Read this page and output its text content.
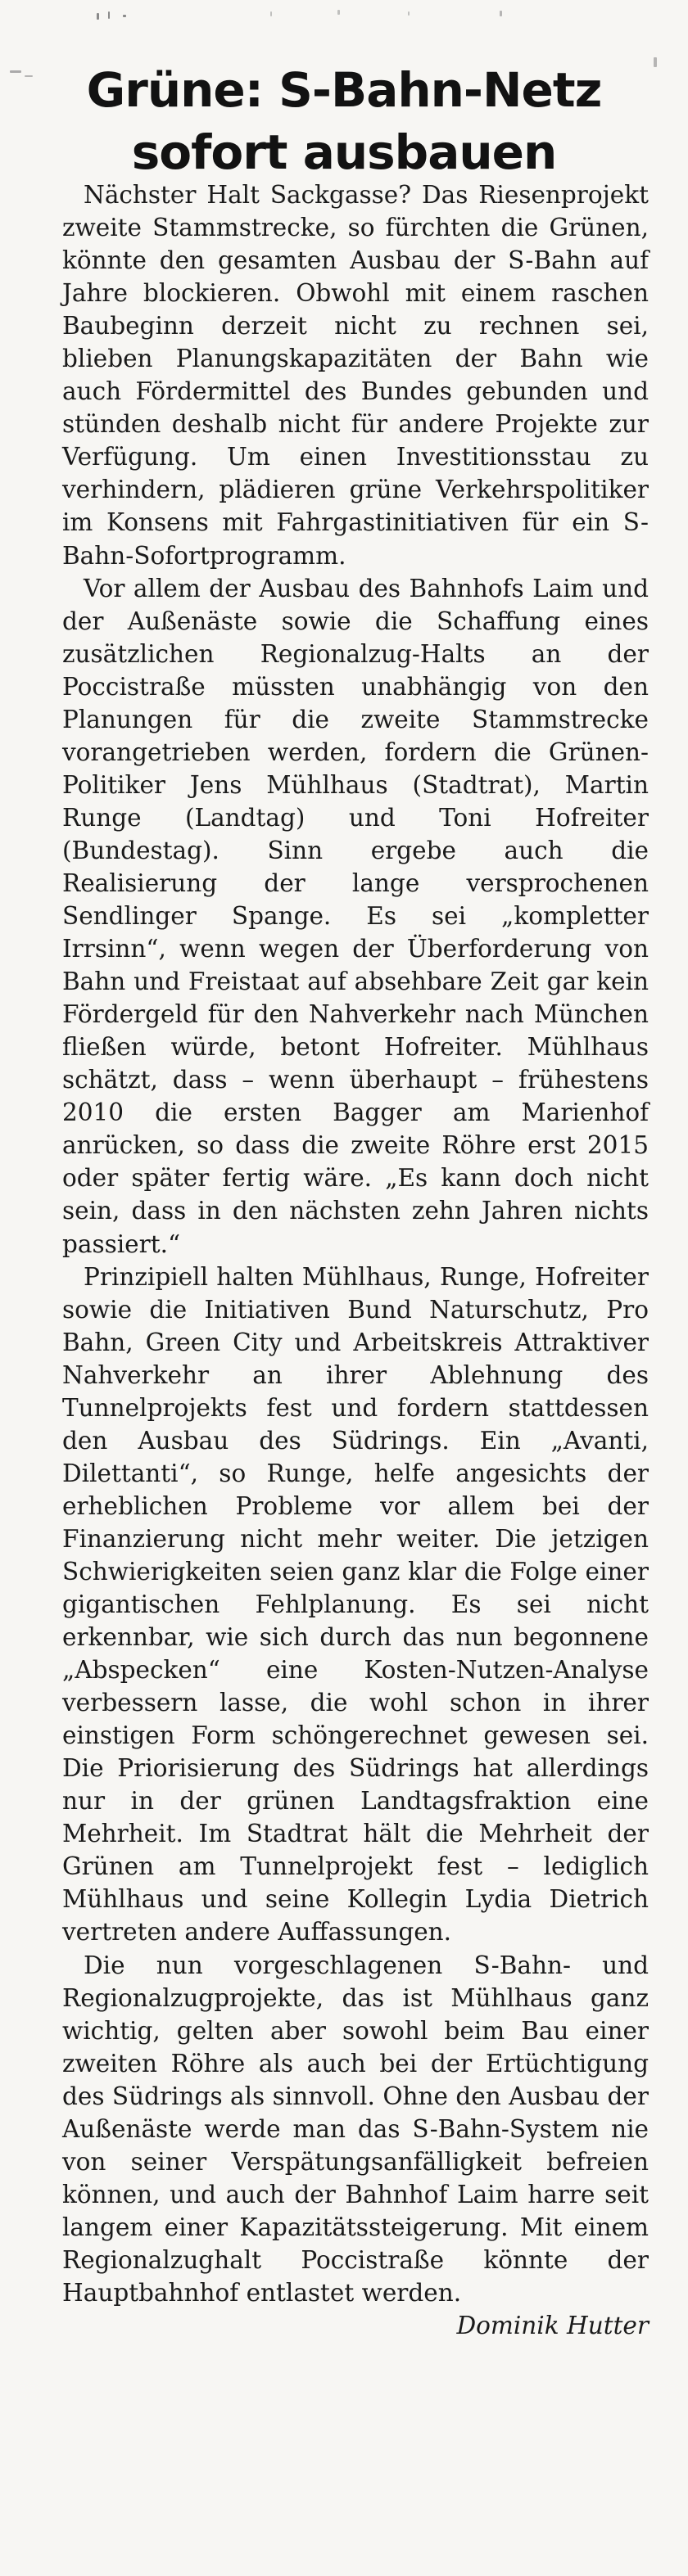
Grüne: S-Bahn-Netz
sofort ausbauen

Nächster Halt Sackgasse? Das Riesenprojekt zweite Stammstrecke, so fürchten die Grünen, könnte den gesamten Ausbau der S-Bahn auf Jahre blockieren. Obwohl mit einem raschen Baubeginn derzeit nicht zu rechnen sei, blieben Planungskapazitäten der Bahn wie auch Fördermittel des Bundes gebunden und stünden deshalb nicht für andere Projekte zur Verfügung. Um einen Investitionsstau zu verhindern, plädieren grüne Verkehrspolitiker im Konsens mit Fahrgastinitiativen für ein S-Bahn-Sofortprogramm.

Vor allem der Ausbau des Bahnhofs Laim und der Außenäste sowie die Schaffung eines zusätzlichen Regionalzug-Halts an der Poccistraße müssten unabhängig von den Planungen für die zweite Stammstrecke vorangetrieben werden, fordern die Grünen-Politiker Jens Mühlhaus (Stadtrat), Martin Runge (Landtag) und Toni Hofreiter (Bundestag). Sinn ergebe auch die Realisierung der lange versprochenen Sendlinger Spange. Es sei „kompletter Irrsinn“, wenn wegen der Überforderung von Bahn und Freistaat auf absehbare Zeit gar kein Fördergeld für den Nahverkehr nach München fließen würde, betont Hofreiter. Mühlhaus schätzt, dass – wenn überhaupt – frühestens 2010 die ersten Bagger am Marienhof anrücken, so dass die zweite Röhre erst 2015 oder später fertig wäre. „Es kann doch nicht sein, dass in den nächsten zehn Jahren nichts passiert.“

Prinzipiell halten Mühlhaus, Runge, Hofreiter sowie die Initiativen Bund Naturschutz, Pro Bahn, Green City und Arbeitskreis Attraktiver Nahverkehr an ihrer Ablehnung des Tunnelprojekts fest und fordern stattdessen den Ausbau des Südrings. Ein „Avanti, Dilettanti“, so Runge, helfe angesichts der erheblichen Probleme vor allem bei der Finanzierung nicht mehr weiter. Die jetzigen Schwierigkeiten seien ganz klar die Folge einer gigantischen Fehlplanung. Es sei nicht erkennbar, wie sich durch das nun begonnene „Abspecken“ eine Kosten-Nutzen-Analyse verbessern lasse, die wohl schon in ihrer einstigen Form schöngerechnet gewesen sei. Die Priorisierung des Südrings hat allerdings nur in der grünen Landtagsfraktion eine Mehrheit. Im Stadtrat hält die Mehrheit der Grünen am Tunnelprojekt fest – lediglich Mühlhaus und seine Kollegin Lydia Dietrich vertreten andere Auffassungen.

Die nun vorgeschlagenen S-Bahn- und Regionalzugprojekte, das ist Mühlhaus ganz wichtig, gelten aber sowohl beim Bau einer zweiten Röhre als auch bei der Ertüchtigung des Südrings als sinnvoll. Ohne den Ausbau der Außenäste werde man das S-Bahn-System nie von seiner Verspätungsanfälligkeit befreien können, und auch der Bahnhof Laim harre seit langem einer Kapazitätssteigerung. Mit einem Regionalzughalt Poccistraße könnte der Hauptbahnhof entlastet werden.
Dominik Hutter
